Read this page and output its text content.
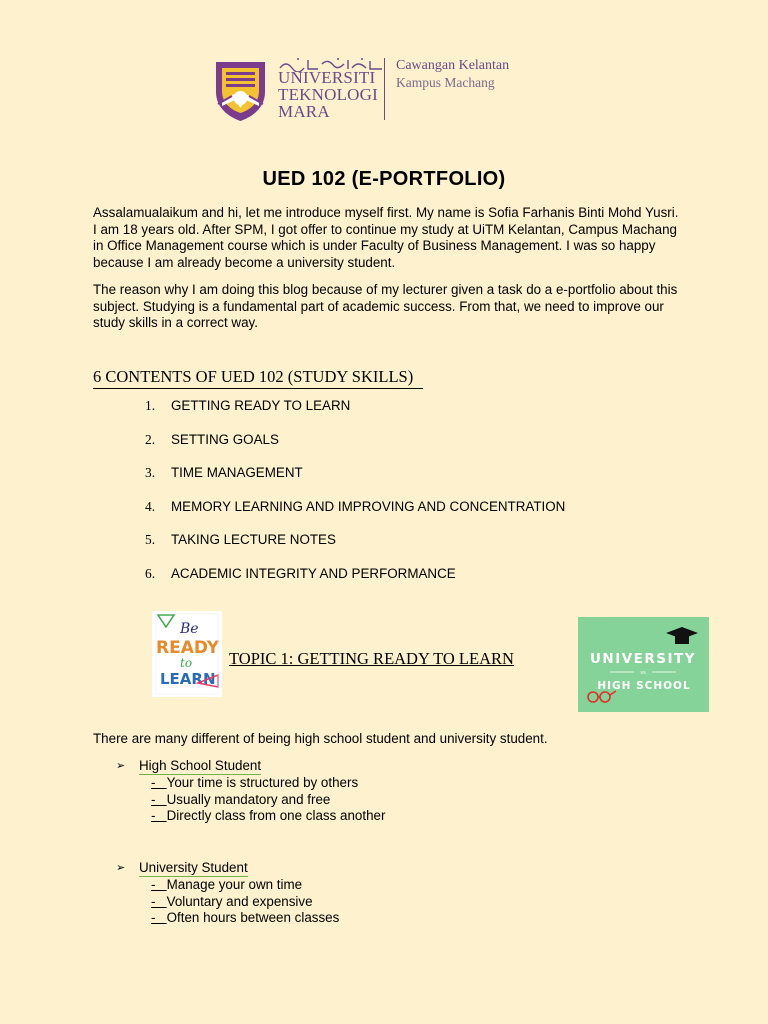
UNIVERSITI
TEKNOLOGI
MARA
Cawangan Kelantan
Kampus Machang
UED 102 (E-PORTFOLIO)
Assalamualaikum and hi, let me introduce myself first. My name is Sofia Farhanis Binti Mohd Yusri. I am 18 years old. After SPM, I got offer to continue my study at UiTM Kelantan, Campus Machang in Office Management course which is under Faculty of Business Management. I was so happy because I am already become a university student.
The reason why I am doing this blog because of my lecturer given a task do a e-portfolio about this subject. Studying is a fundamental part of academic success. From that, we need to improve our study skills in a correct way.
6 CONTENTS OF UED 102 (STUDY SKILLS)
1.	GETTING READY TO LEARN
2.	SETTING GOALS
3.	TIME MANAGEMENT
4.	MEMORY LEARNING AND IMPROVING AND CONCENTRATION
5.	TAKING LECTURE NOTES
6.	ACADEMIC INTEGRITY AND PERFORMANCE
Be
READY
to
LEARN
TOPIC 1: GETTING READY TO LEARN	UNIVERSITY
vs
HIGH SCHOOL
There are many different of being high school student and university student.
➢	High School Student
- Your time is structured by others
- Usually mandatory and free
- Directly class from one class another
➢	University Student
- Manage your own time
- Voluntary and expensive
- Often hours between classes
